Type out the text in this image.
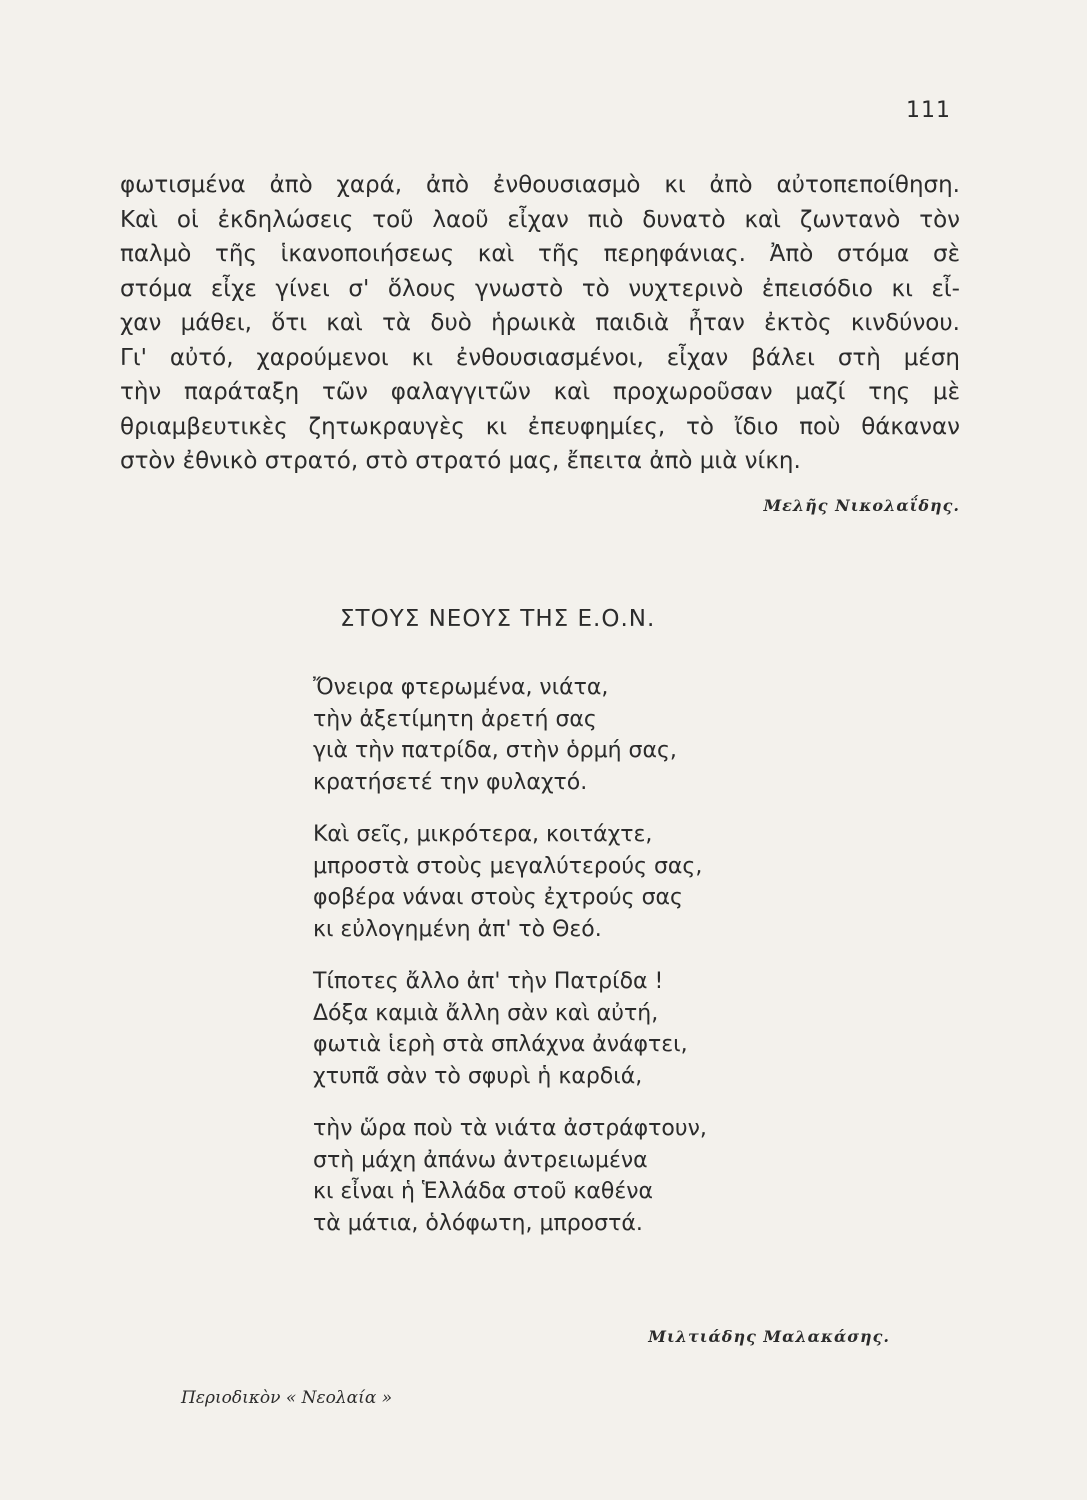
111
φωτισμένα ἀπὸ χαρά, ἀπὸ ἐνθουσιασμὸ κι ἀπὸ αὐτοπεποίθηση.
Καὶ οἱ ἐκδηλώσεις τοῦ λαοῦ εἶχαν πιὸ δυνατὸ καὶ ζωντανὸ τὸν
παλμὸ τῆς ἱκανοποιήσεως καὶ τῆς περηφάνιας. Ἀπὸ στόμα σὲ
στόμα εἶχε γίνει σ' ὅλους γνωστὸ τὸ νυχτερινὸ ἐπεισόδιο κι εἶ-
χαν μάθει, ὅτι καὶ τὰ δυὸ ἡρωικὰ παιδιὰ ἦταν ἐκτὸς κινδύνου.
Γι' αὐτό, χαρούμενοι κι ἐνθουσιασμένοι, εἶχαν βάλει στὴ μέση
τὴν παράταξη τῶν φαλαγγιτῶν καὶ προχωροῦσαν μαζί της μὲ
θριαμβευτικὲς ζητωκραυγὲς κι ἐπευφημίες, τὸ ἴδιο ποὺ θάκαναν
στὸν ἐθνικὸ στρατό, στὸ στρατό μας, ἔπειτα ἀπὸ μιὰ νίκη.
Μελῆς Νικολαΐδης.
ΣΤΟΥΣ ΝΕΟΥΣ ΤΗΣ Ε.Ο.Ν.
Ὄνειρα φτερωμένα, νιάτα,
τὴν ἀξετίμητη ἀρετή σας
γιὰ τὴν πατρίδα, στὴν ὁρμή σας,
κρατήσετέ την φυλαχτό.
Καὶ σεῖς, μικρότερα, κοιτάχτε,
μπροστὰ στοὺς μεγαλύτερούς σας,
φοβέρα νάναι στοὺς ἐχτρούς σας
κι εὐλογημένη ἀπ' τὸ Θεό.
Τίποτες ἄλλο ἀπ' τὴν Πατρίδα !
Δόξα καμιὰ ἄλλη σὰν καὶ αὐτή,
φωτιὰ ἱερὴ στὰ σπλάχνα ἀνάφτει,
χτυπᾶ σὰν τὸ σφυρὶ ἡ καρδιά,
τὴν ὥρα ποὺ τὰ νιάτα ἀστράφτουν,
στὴ μάχη ἀπάνω ἀντρειωμένα
κι εἶναι ἡ Ἑλλάδα στοῦ καθένα
τὰ μάτια, ὁλόφωτη, μπροστά.
Μιλτιάδης Μαλακάσης.
Περιοδικὸν « Νεολαία »
